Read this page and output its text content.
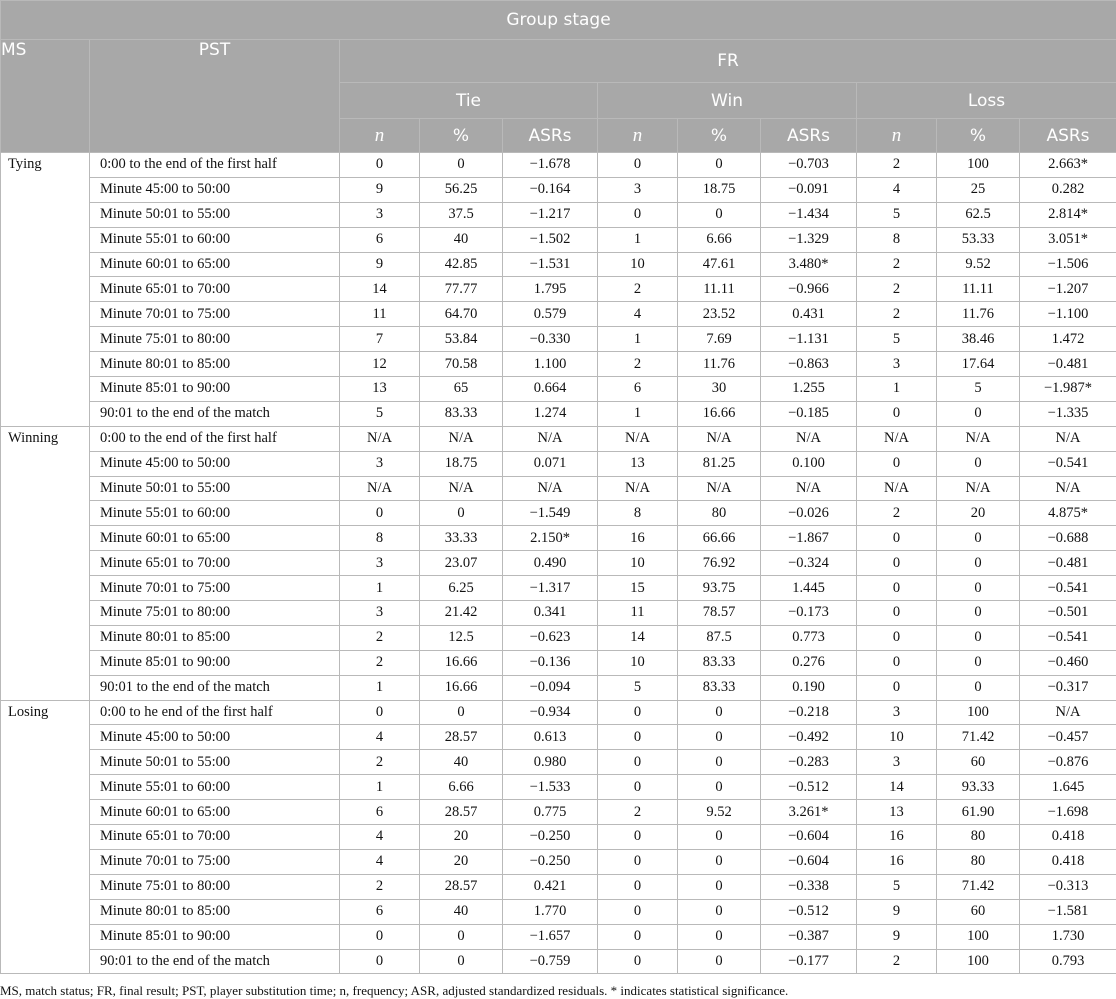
Group stage										
MS	PST	FR								
		Tie			Win			Loss		
		n	%	ASRs	n	%	ASRs	n	%	ASRs
Tying	0:00 to the end of the first half	0	0	−1.678	0	0	−0.703	2	100	2.663*
	Minute 45:00 to 50:00	9	56.25	−0.164	3	18.75	−0.091	4	25	0.282
	Minute 50:01 to 55:00	3	37.5	−1.217	0	0	−1.434	5	62.5	2.814*
	Minute 55:01 to 60:00	6	40	−1.502	1	6.66	−1.329	8	53.33	3.051*
	Minute 60:01 to 65:00	9	42.85	−1.531	10	47.61	3.480*	2	9.52	−1.506
	Minute 65:01 to 70:00	14	77.77	1.795	2	11.11	−0.966	2	11.11	−1.207
	Minute 70:01 to 75:00	11	64.70	0.579	4	23.52	0.431	2	11.76	−1.100
	Minute 75:01 to 80:00	7	53.84	−0.330	1	7.69	−1.131	5	38.46	1.472
	Minute 80:01 to 85:00	12	70.58	1.100	2	11.76	−0.863	3	17.64	−0.481
	Minute 85:01 to 90:00	13	65	0.664	6	30	1.255	1	5	−1.987*
	90:01 to the end of the match	5	83.33	1.274	1	16.66	−0.185	0	0	−1.335
Winning	0:00 to the end of the first half	N/A	N/A	N/A	N/A	N/A	N/A	N/A	N/A	N/A
	Minute 45:00 to 50:00	3	18.75	0.071	13	81.25	0.100	0	0	−0.541
	Minute 50:01 to 55:00	N/A	N/A	N/A	N/A	N/A	N/A	N/A	N/A	N/A
	Minute 55:01 to 60:00	0	0	−1.549	8	80	−0.026	2	20	4.875*
	Minute 60:01 to 65:00	8	33.33	2.150*	16	66.66	−1.867	0	0	−0.688
	Minute 65:01 to 70:00	3	23.07	0.490	10	76.92	−0.324	0	0	−0.481
	Minute 70:01 to 75:00	1	6.25	−1.317	15	93.75	1.445	0	0	−0.541
	Minute 75:01 to 80:00	3	21.42	0.341	11	78.57	−0.173	0	0	−0.501
	Minute 80:01 to 85:00	2	12.5	−0.623	14	87.5	0.773	0	0	−0.541
	Minute 85:01 to 90:00	2	16.66	−0.136	10	83.33	0.276	0	0	−0.460
	90:01 to the end of the match	1	16.66	−0.094	5	83.33	0.190	0	0	−0.317
Losing	0:00 to he end of the first half	0	0	−0.934	0	0	−0.218	3	100	N/A
	Minute 45:00 to 50:00	4	28.57	0.613	0	0	−0.492	10	71.42	−0.457
	Minute 50:01 to 55:00	2	40	0.980	0	0	−0.283	3	60	−0.876
	Minute 55:01 to 60:00	1	6.66	−1.533	0	0	−0.512	14	93.33	1.645
	Minute 60:01 to 65:00	6	28.57	0.775	2	9.52	3.261*	13	61.90	−1.698
	Minute 65:01 to 70:00	4	20	−0.250	0	0	−0.604	16	80	0.418
	Minute 70:01 to 75:00	4	20	−0.250	0	0	−0.604	16	80	0.418
	Minute 75:01 to 80:00	2	28.57	0.421	0	0	−0.338	5	71.42	−0.313
	Minute 80:01 to 85:00	6	40	1.770	0	0	−0.512	9	60	−1.581
	Minute 85:01 to 90:00	0	0	−1.657	0	0	−0.387	9	100	1.730
	90:01 to the end of the match	0	0	−0.759	0	0	−0.177	2	100	0.793
MS, match status; FR, final result; PST, player substitution time; n, frequency; ASR, adjusted standardized residuals. * indicates statistical significance.
